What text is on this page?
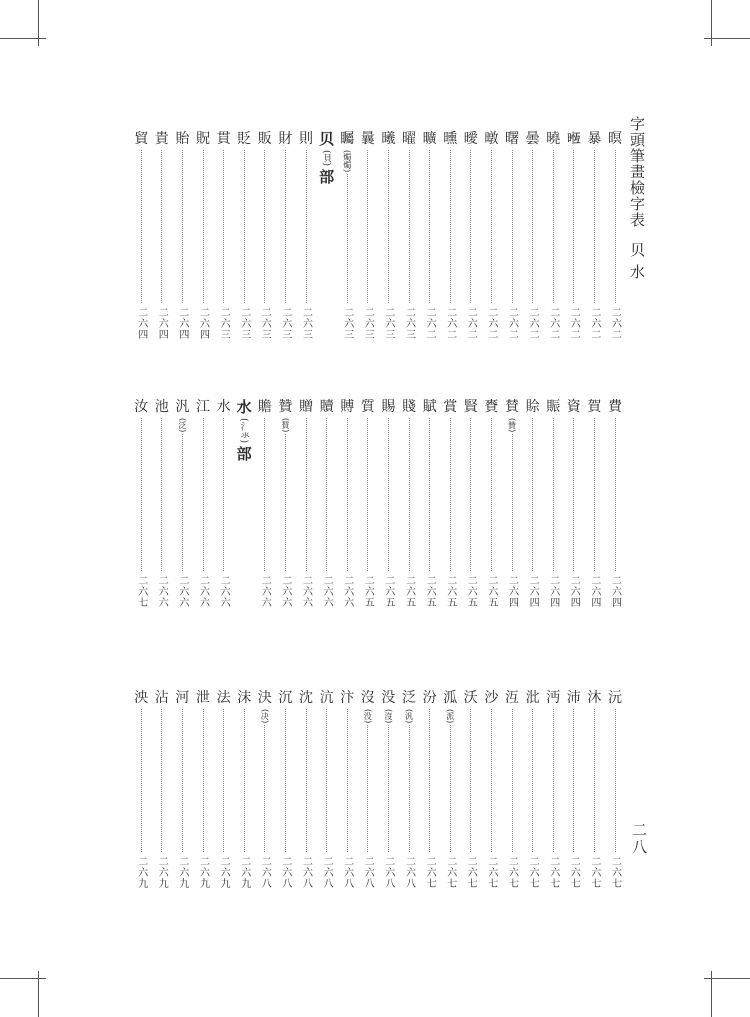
字頭筆畫檢字表贝 水
二八
暝
二六二
暴
二六二
𣈶
二六二
曉
二六二
曇
二六二
曙
二六二
暾
二六二
曖
二六二
曛
二六二
曠
二六二
曜
二六三
曦
二六三
曩
二六三
矚
(燭燭)
二六三
贝
(貝)
部
則
二六三
財
二六三
販
二六三
貶
二六三
貫
二六三
貺
二六四
貽
二六四
貴
二六四
貿
二六四
費
二六四
賀
二六四
資
二六四
賑
二六四
賒
二六四
賛
(贊)
二六四
賚
二六五
賢
二六五
賞
二六五
賦
二六五
賤
二六五
賜
二六五
質
二六五
賻
二六六
贖
二六六
贈
二六六
贊
(賛)
二六六
贍
二六六
水
(氵氺)
部
水
二六六
江
二六六
汎
(泛)
二六六
池
二六六
汝
二六七
沅
二六七
沐
二六七
沛
二六七
沔
二六七
沘
二六七
沍
二六七
沙
二六七
沃
二六七
泒
(派)
二六七
汾
二六七
泛
(汎)
二六八
没
(沒)
二六八
沒
(没)
二六八
汴
二六八
沆
二六八
沈
二六八
沉
二六八
決
(决)
二六八
沫
二六九
法
二六九
泄
二六九
河
二六九
沾
二六九
泱
二六九
